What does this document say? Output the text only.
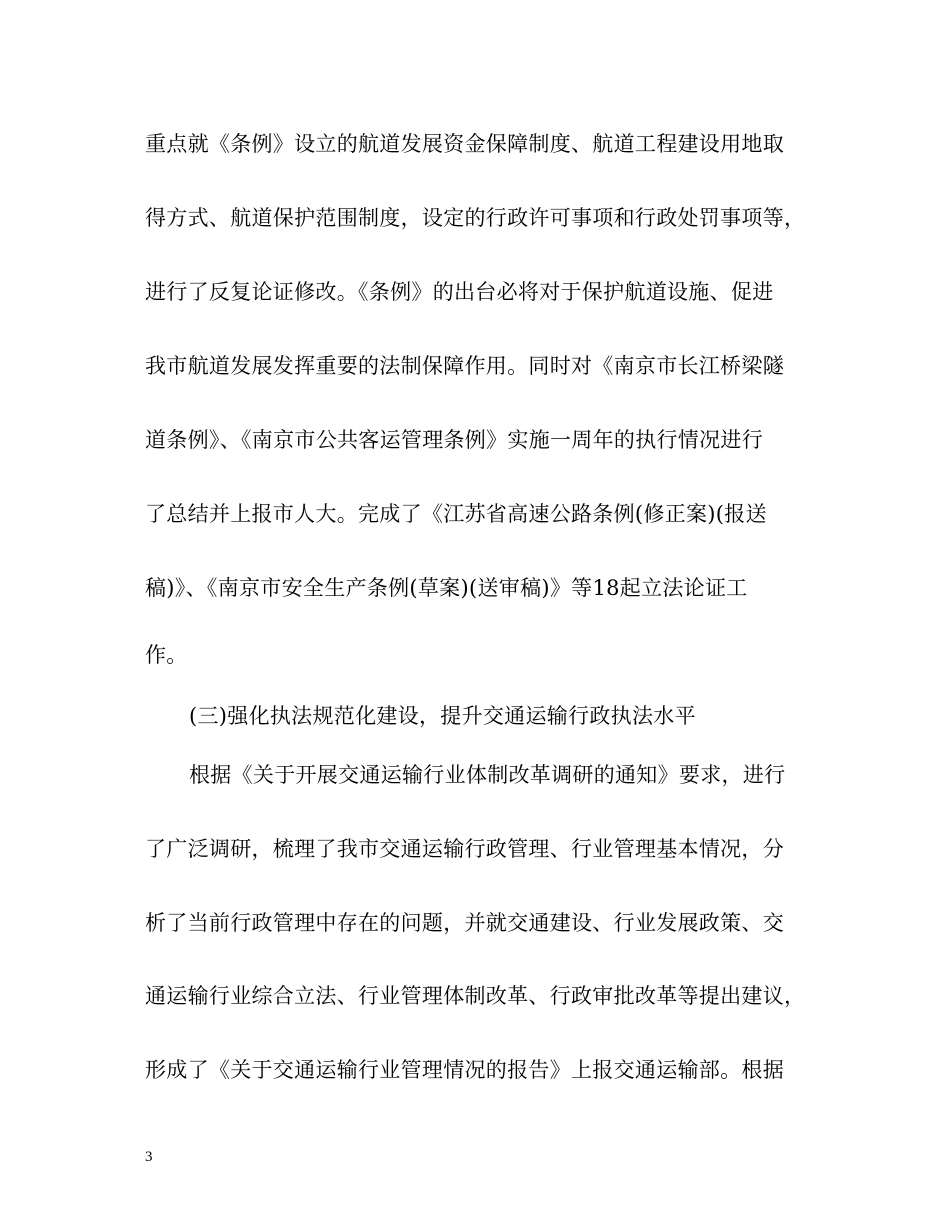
重点就《条例》设立的航道发展资金保障制度、航道工程建设用地取
得方式、航道保护范围制度，设定的行政许可事项和行政处罚事项等，
进行了反复论证修改。《条例》的出台必将对于保护航道设施、促进
我市航道发展发挥重要的法制保障作用。同时对《南京市长江桥梁隧
道条例》、《南京市公共客运管理条例》实施一周年的执行情况进行
了总结并上报市人大。完成了《江苏省高速公路条例(修正案)(报送
稿)》、《南京市安全生产条例(草案)(送审稿)》等18起立法论证工
作。
(三)强化执法规范化建设，提升交通运输行政执法水平
根据《关于开展交通运输行业体制改革调研的通知》要求，进行
了广泛调研，梳理了我市交通运输行政管理、行业管理基本情况，分
析了当前行政管理中存在的问题，并就交通建设、行业发展政策、交
通运输行业综合立法、行业管理体制改革、行政审批改革等提出建议，
形成了《关于交通运输行业管理情况的报告》上报交通运输部。根据
3
